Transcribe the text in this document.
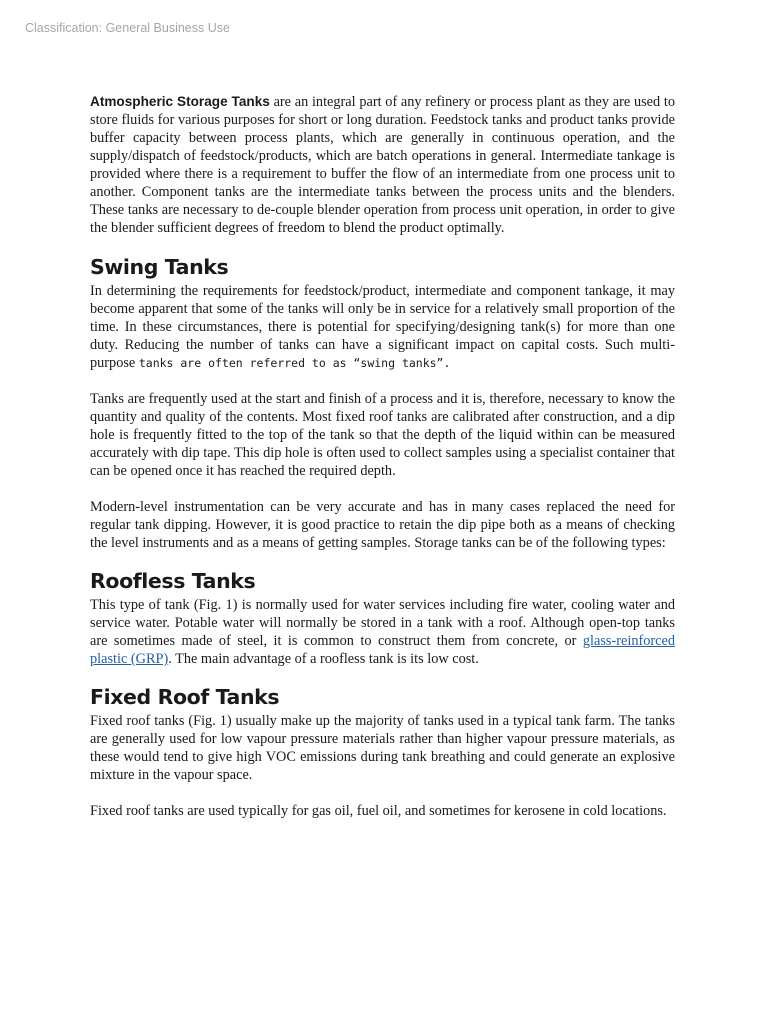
Classification: General Business Use

Atmospheric Storage Tanks are an integral part of any refinery or process plant as they are used to store fluids for various purposes for short or long duration. Feedstock tanks and product tanks provide buffer capacity between process plants, which are generally in continuous operation, and the supply/dispatch of feedstock/products, which are batch operations in general. Intermediate tankage is provided where there is a requirement to buffer the flow of an intermediate from one process unit to another. Component tanks are the intermediate tanks between the process units and the blenders. These tanks are necessary to de-couple blender operation from process unit operation, in order to give the blender sufficient degrees of freedom to blend the product optimally.

Swing Tanks

In determining the requirements for feedstock/product, intermediate and component tankage, it may become apparent that some of the tanks will only be in service for a relatively small proportion of the time. In these circumstances, there is potential for specifying/designing tank(s) for more than one duty. Reducing the number of tanks can have a significant impact on capital costs. Such multi-purpose tanks are often referred to as “swing tanks”.

Tanks are frequently used at the start and finish of a process and it is, therefore, necessary to know the quantity and quality of the contents. Most fixed roof tanks are calibrated after construction, and a dip hole is frequently fitted to the top of the tank so that the depth of the liquid within can be measured accurately with dip tape. This dip hole is often used to collect samples using a specialist container that can be opened once it has reached the required depth.

Modern-level instrumentation can be very accurate and has in many cases replaced the need for regular tank dipping. However, it is good practice to retain the dip pipe both as a means of checking the level instruments and as a means of getting samples. Storage tanks can be of the following types:

Roofless Tanks

This type of tank (Fig. 1) is normally used for water services including fire water, cooling water and service water. Potable water will normally be stored in a tank with a roof. Although open-top tanks are sometimes made of steel, it is common to construct them from concrete, or glass-reinforced plastic (GRP). The main advantage of a roofless tank is its low cost.

Fixed Roof Tanks

Fixed roof tanks (Fig. 1) usually make up the majority of tanks used in a typical tank farm. The tanks are generally used for low vapour pressure materials rather than higher vapour pressure materials, as these would tend to give high VOC emissions during tank breathing and could generate an explosive mixture in the vapour space.

Fixed roof tanks are used typically for gas oil, fuel oil, and sometimes for kerosene in cold locations.
